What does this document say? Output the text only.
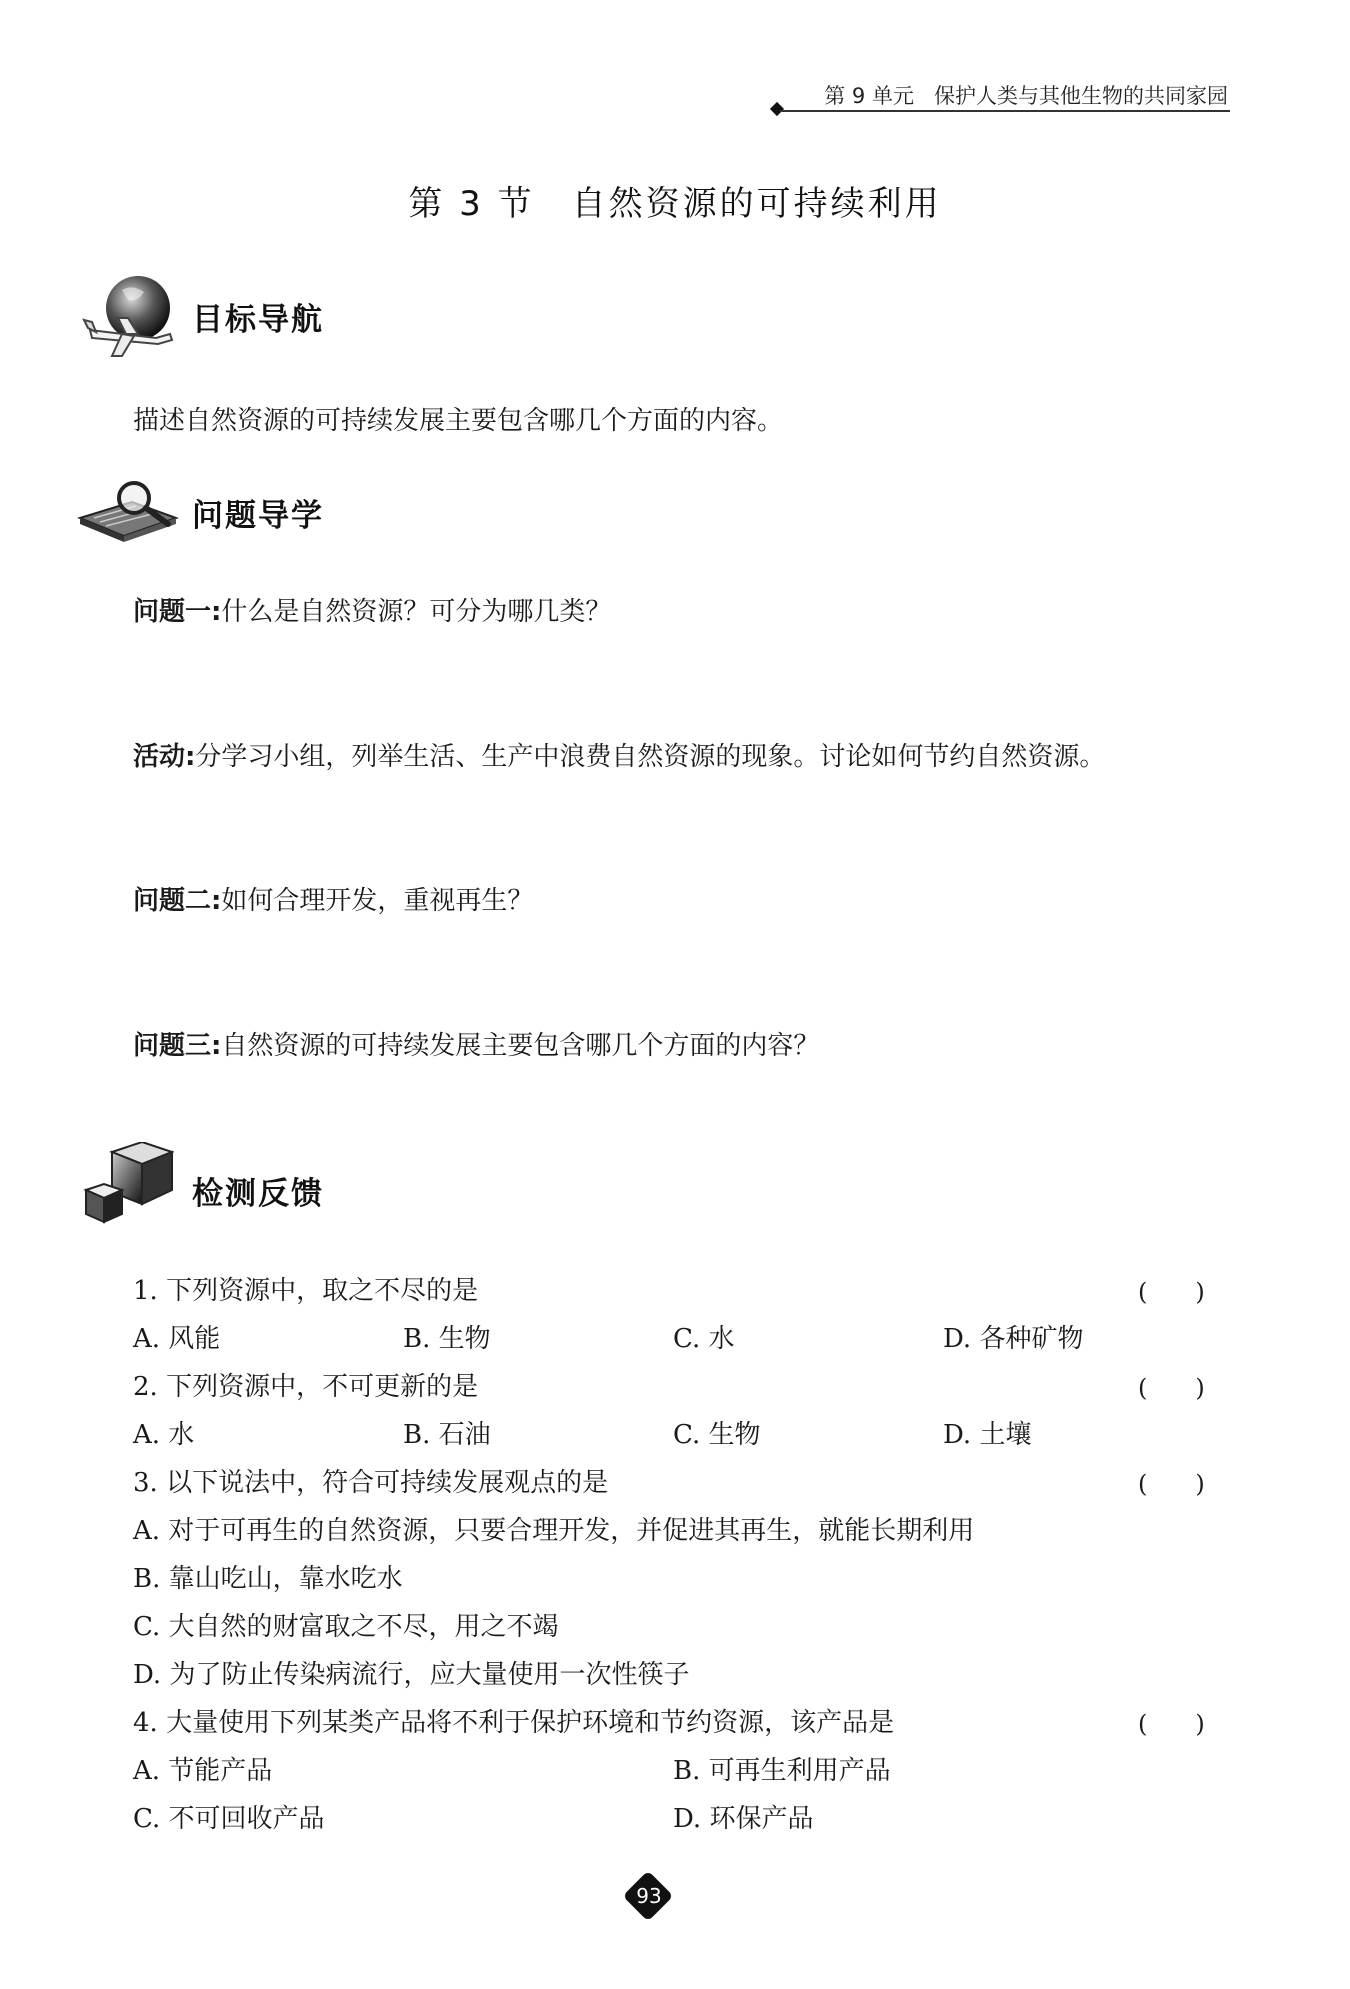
第 9 单元 保护人类与其他生物的共同家园
第 3 节　自然资源的可持续利用
目标导航
描述自然资源的可持续发展主要包含哪几个方面的内容。
问题导学
问题一:什么是自然资源？可分为哪几类？
活动:分学习小组，列举生活、生产中浪费自然资源的现象。讨论如何节约自然资源。
问题二:如何合理开发，重视再生？
问题三:自然资源的可持续发展主要包含哪几个方面的内容？
检测反馈
1. 下列资源中，取之不尽的是	(　　)
A. 风能	B. 生物	C. 水	D. 各种矿物
2. 下列资源中，不可更新的是	(　　)
A. 水	B. 石油	C. 生物	D. 土壤
3. 以下说法中，符合可持续发展观点的是	(　　)
A. 对于可再生的自然资源，只要合理开发，并促进其再生，就能长期利用
B. 靠山吃山，靠水吃水
C. 大自然的财富取之不尽，用之不竭
D. 为了防止传染病流行，应大量使用一次性筷子
4. 大量使用下列某类产品将不利于保护环境和节约资源，该产品是	(　　)
A. 节能产品	B. 可再生利用产品
C. 不可回收产品	D. 环保产品
93
